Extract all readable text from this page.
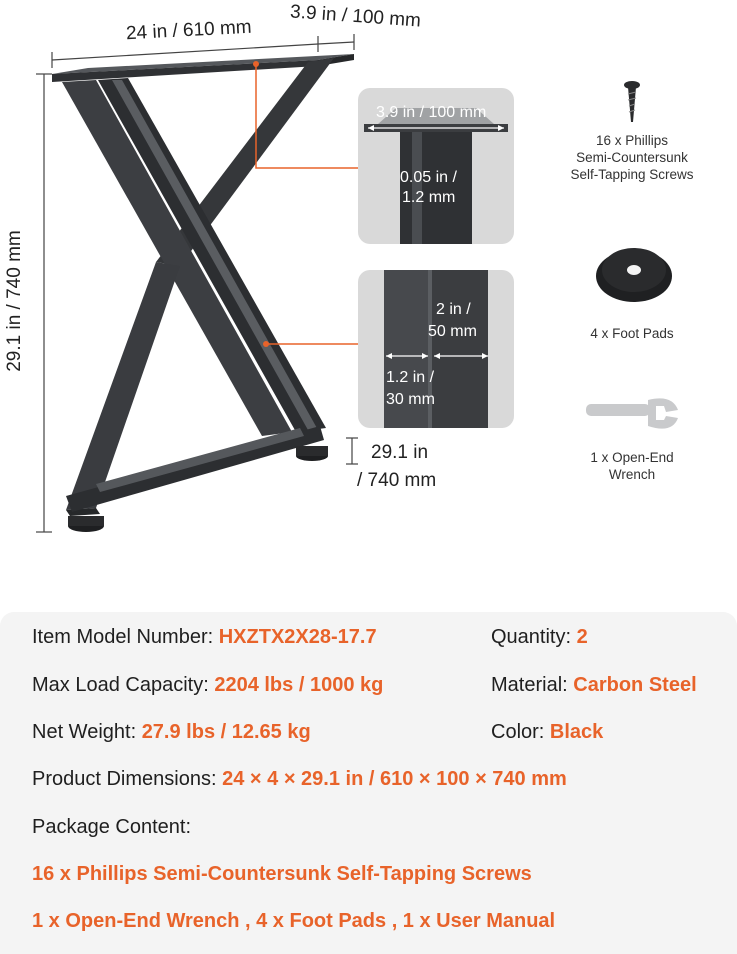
24 in / 610 mm 3.9 in / 100 mm
29.1 in / 740 mm
29.1 in
/ 740 mm
3.9 in / 100 mm
0.05 in /
1.2 mm
2 in /
50 mm
1.2 in /
30 mm
16 x Phillips
Semi-Countersunk
Self-Tapping Screws
4 x Foot Pads
1 x Open-End
Wrench
Item Model Number: HXZTX2X28-17.7	Quantity: 2
Max Load Capacity: 2204 lbs / 1000 kg	Material: Carbon Steel
Net Weight: 27.9 lbs / 12.65 kg	Color: Black
Product Dimensions: 24 × 4 × 29.1 in / 610 × 100 × 740 mm
Package Content:
16 x Phillips Semi-Countersunk Self-Tapping Screws
1 x Open-End Wrench , 4 x Foot Pads , 1 x User Manual
